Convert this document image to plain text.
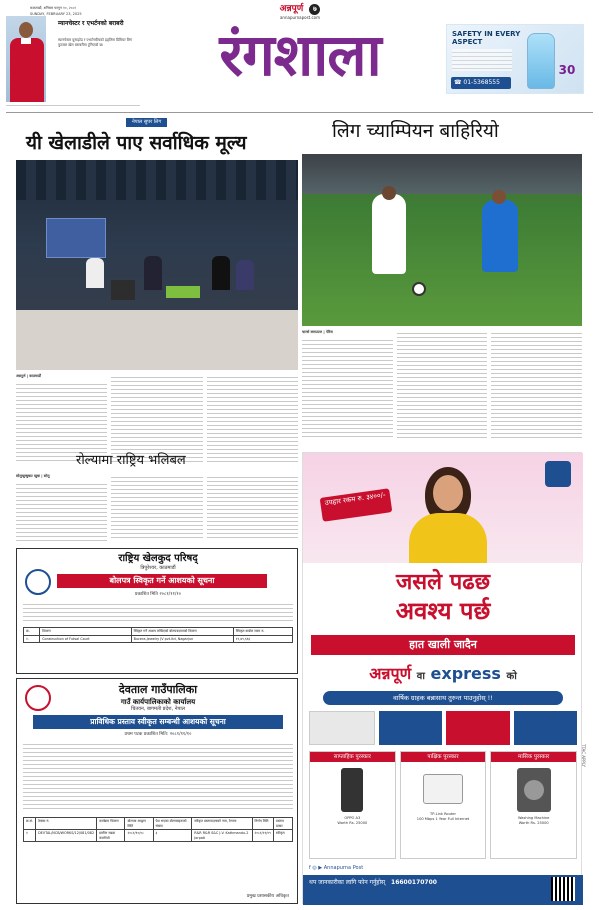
काठमाडौं, शनिबार फागुन १०, २०८१
SUNDAY, FEBRUARY 23, 2025
म्यानचेस्टर र एभर्टनको बराबरी
म्यानचेस्टर युनाइटेड र एभर्टनबीचको इङ्लिस प्रिमियर लिग फुटबल खेल बराबरीमा टुंगिएको छ।
अन्नपूर्ण ७
annapurnapost.com
रंगशाला	SAFETY IN EVERY ASPECT
☎ 01-5368555
30
नेपाल सुपर लिग
यी खेलाडीले पाए सर्वाधिक मूल्य
अन्नपूर्ण | काठमाडौं
लिग च्याम्पियन बाहिरियो
चार्ल्स क्लाउटल | पेरिस
रोल्यामा राष्ट्रिय भलिबल
सोलुखुम्बुबाट खुबा | सोलु
राष्ट्रिय खेलकुद परिषद्
त्रिपुरेश्वर, काठमाडौं
बोलपत्र स्विकृत गर्ने आशयको सूचना
प्रकाशित मिति २०८१/११/१०
क्र.	विवरण	स्विकृत गर्ने आशय राखिएको बोलपत्रदाताको विवरण	स्विकृत कबोल रकम रु.
१.	Construction of Futsal Court	Bucera-Jewelry JV pvt.ltd, Nagarjun	१२,७९,६६६
देवताल गाउँपालिका
गाउँ कार्यपालिकाको कार्यालय
चितवन, बागमती प्रदेश, नेपाल
प्राविधिक प्रस्ताव स्वीकृत सम्बन्धी आशयको सूचना
प्रथम पटक प्रकाशित मिति: २०८१/११/१०
क्र.सं.	ठेक्का नं.	कार्यक्रम विवरण	बोलपत्र आह्वान मिति	पेश भएका बोलपत्रहरूको संख्या	स्वीकृत प्रस्तावदाताको नाम, ठेगाना	निर्णय मिति	प्रस्ताव प्रकार
१	DEVTAL/NCB/WORKS/12/081/082	ग्रामीण सडक कालोपत्रे	२०८१/१०/०८	३	R&R R&R S&C J.V. Kathmandu-2 Jorpati	२०८१/११/०९	स्वीकृत
प्रमुख प्रशासकीय अधिकृत
उपहार रकम रु. ३४००/-
जसले पढछ
अवश्य पर्छ
हात खाली जादैन
अन्नपूर्ण वा express को
वार्षिक ग्राहक बन्नासाथ तुरुन्त पाउनुहोस् !!
साप्ताहिक पुरस्कार
OPPO A3
Worth Rs. 25000
पाक्षिक पुरस्कार
TP-Link Router
100 Mbps 1 Year Full Internet
मासिक पुरस्कार
Washing Machine
Worth Rs. 25000
f ◎ ▶ Annapurna Post
थप जानकारीका लागि फोन गर्नुहोस् 16600170700
TTAC APPLY
